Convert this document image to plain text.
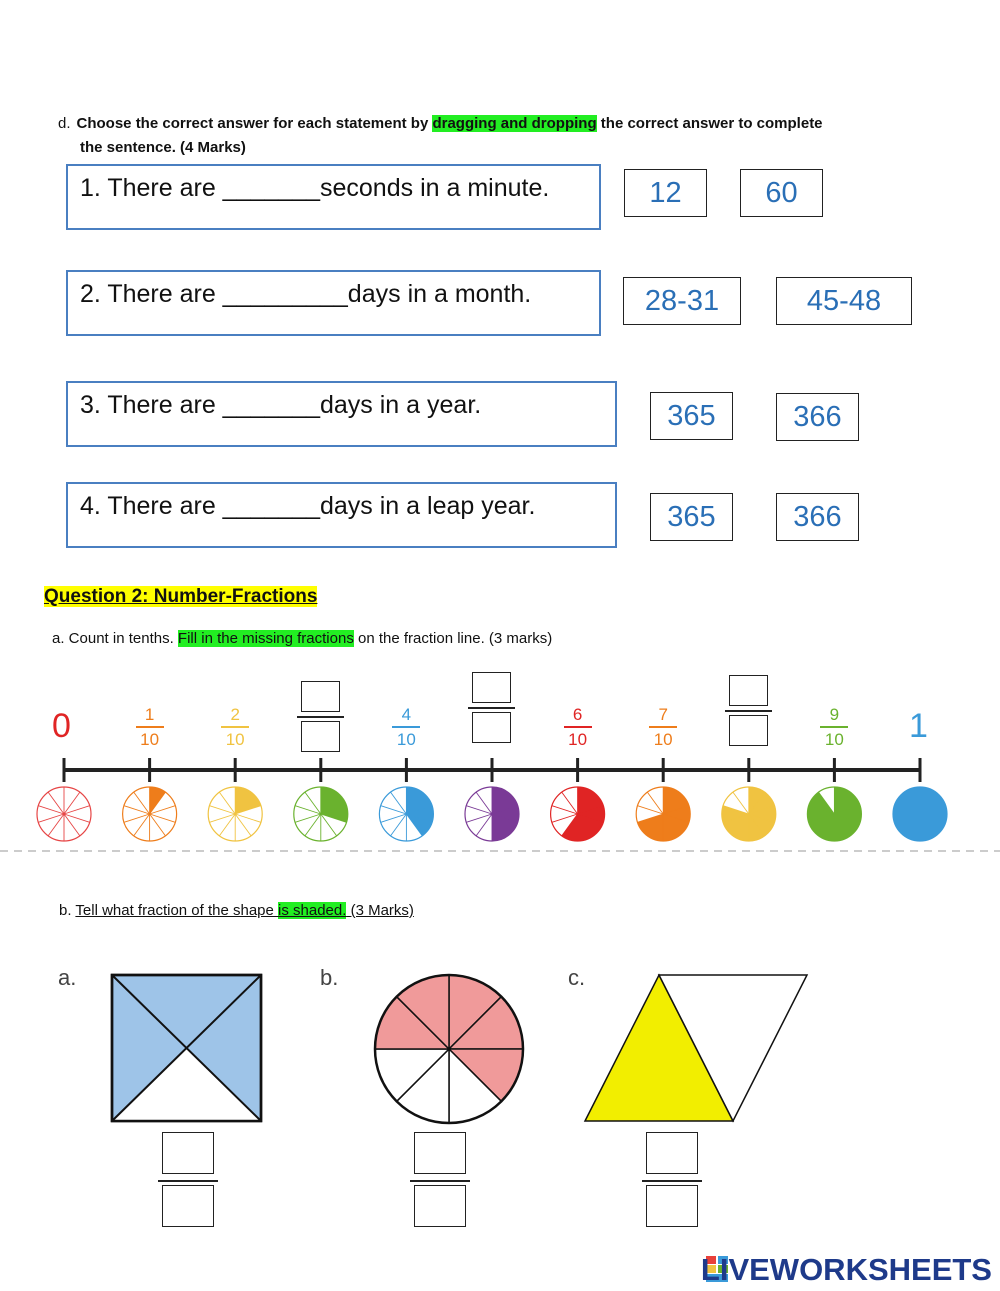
d. Choose the correct answer for each statement by dragging and dropping the correct answer to complete
the sentence. (4 Marks)
1. There are _______seconds in a minute.	12	60
2. There are _________days in a month.	28-31	45-48
3. There are _______days in a year.	365	366
4. There are _______days in a leap year.	365	366
Question 2: Number-Fractions
a. Count in tenths. Fill in the missing fractions on the fraction line. (3 marks)
0	1
1
10
2
10
4
10
6
10
7
10
9
10
b. Tell what fraction of the shape is shaded. (3 Marks)
a.	b.	c.
LIVEWORKSHEETS
